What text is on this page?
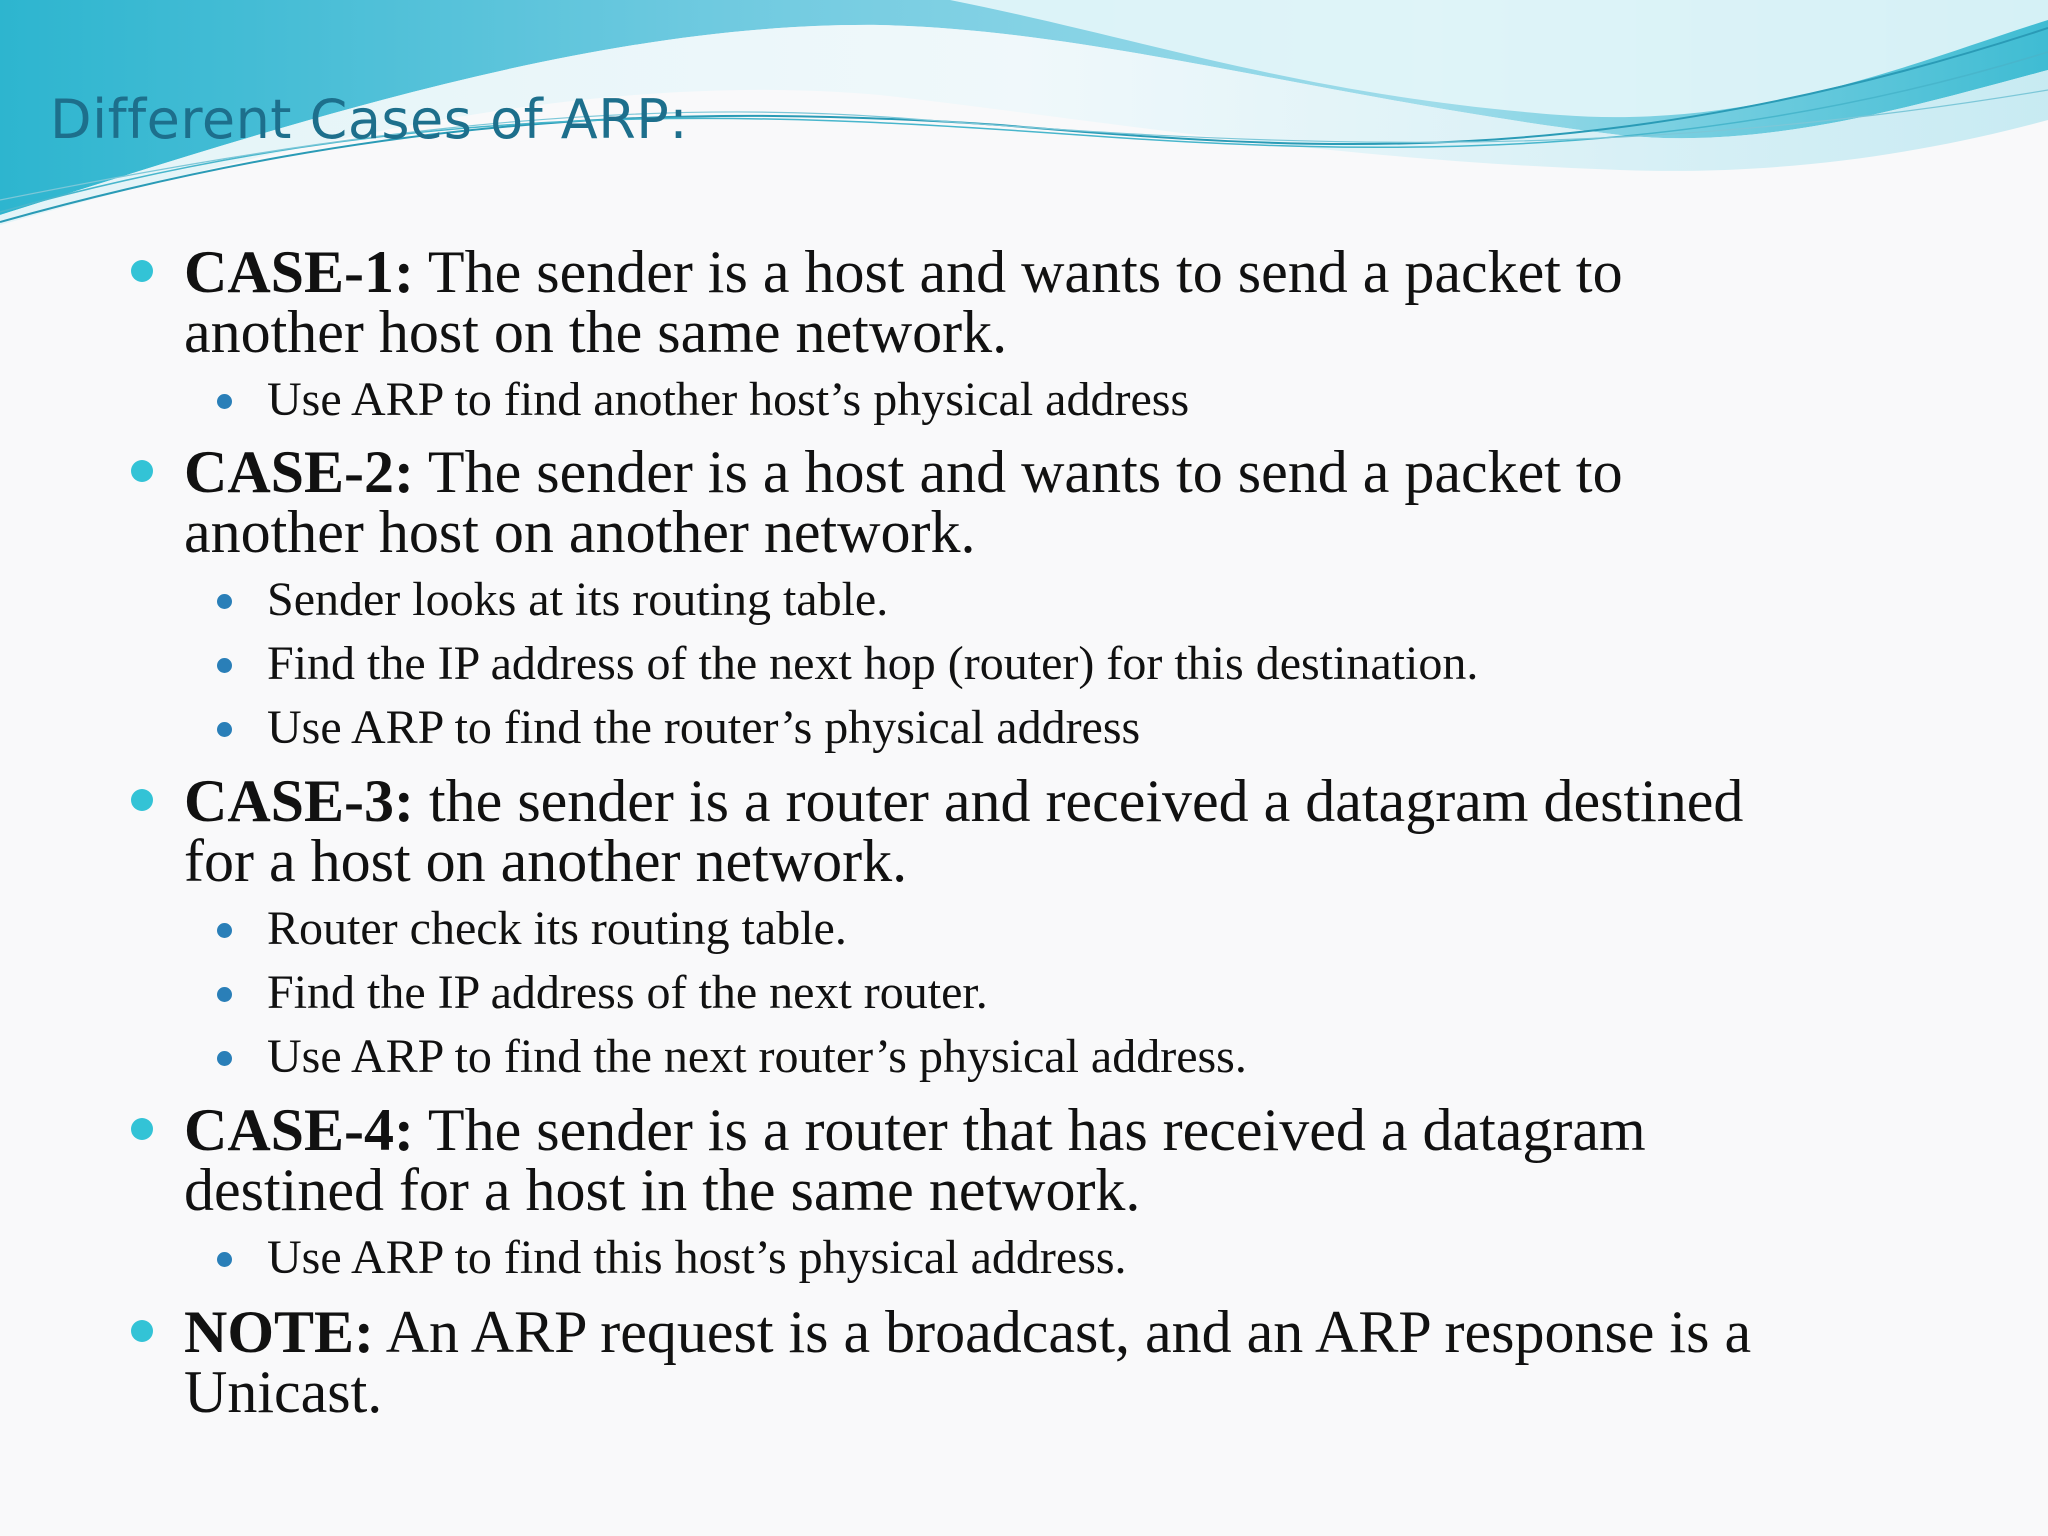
Different Cases of ARP:
CASE-1: The sender is a host and wants to send a packet to
another host on the same network.
Use ARP to find another host’s physical address
CASE-2: The sender is a host and wants to send a packet to
another host on another network.
Sender looks at its routing table.
Find the IP address of the next hop (router) for this destination.
Use ARP to find the router’s physical address
CASE-3: the sender is a router and received a datagram destined
for a host on another network.
Router check its routing table.
Find the IP address of the next router.
Use ARP to find the next router’s physical address.
CASE-4: The sender is a router that has received a datagram
destined for a host in the same network.
Use ARP to find this host’s physical address.
NOTE: An ARP request is a broadcast, and an ARP response is a
Unicast.
